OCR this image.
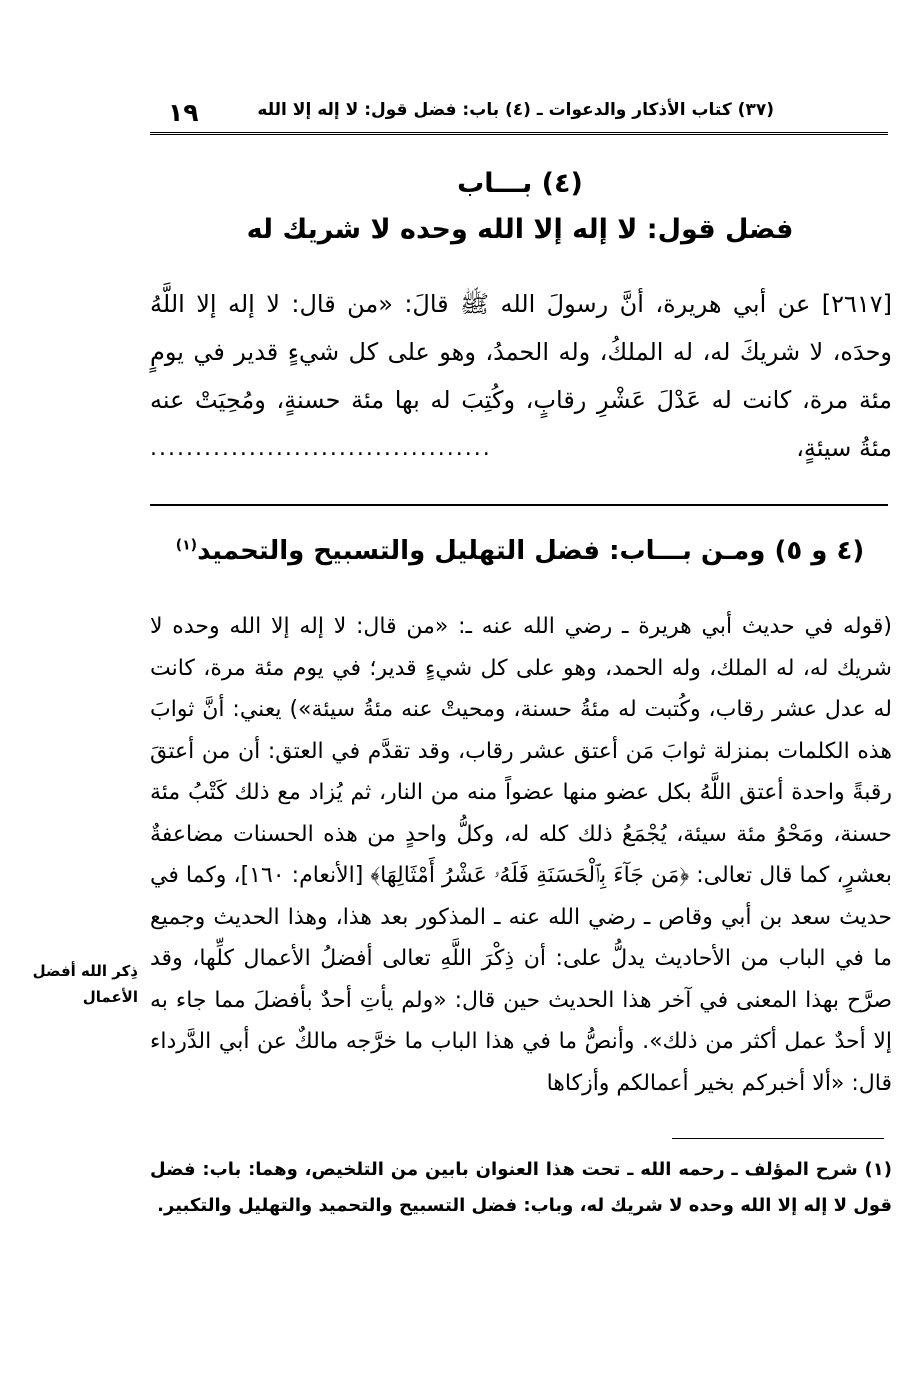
١٩	(٣٧) كتاب الأذكار والدعوات ـ (٤) باب: فضل قول: لا إله إلا الله
(٤) بـــاب
فضل قول: لا إله إلا الله وحده لا شريك له
[٢٦١٧] عن أبي هريرة، أنَّ رسولَ الله ﷺ قالَ: «من قال: لا إله إلا اللَّهُ وحدَه، لا شريكَ له، له الملكُ، وله الحمدُ، وهو على كل شيءٍ قدير في يومٍ مئة مرة، كانت له عَدْلَ عَشْرِ رقابٍ، وكُتِبَ له بها مئة حسنةٍ، ومُحِيَتْ عنه مئةُ سيئةٍ،
......................................
(٤ و ٥) ومـن بـــاب: فضل التهليل والتسبيح والتحميد$^{(١)}$
(قوله في حديث أبي هريرة ـ رضي الله عنه ـ: «من قال: لا إله إلا الله وحده لا شريك له، له الملك، وله الحمد، وهو على كل شيءٍ قدير؛ في يوم مئة مرة، كانت له عدل عشر رقاب، وكُتبت له مئةُ حسنة، ومحيتْ عنه مئةُ سيئة») يعني: أنَّ ثوابَ هذه الكلمات بمنزلة ثوابَ مَن أعتق عشر رقاب، وقد تقدَّم في العتق: أن من أعتقَ رقبةً واحدة أعتق اللَّهُ بكل عضو منها عضواً منه من النار، ثم يُزاد مع ذلك كَتْبُ مئة حسنة، ومَحْوُ مئة سيئة، يُجْمَعُ ذلك كله له، وكلُّ واحدٍ من هذه الحسنات مضاعفةٌ بعشرٍ، كما قال تعالى: ﴿مَن جَآءَ بِٱلْحَسَنَةِ فَلَهُۥ عَشْرُ أَمْثَالِهَا﴾ [الأنعام: ١٦٠]، وكما في حديث سعد بن أبي وقاص ـ رضي الله عنه ـ المذكور بعد هذا، وهذا الحديث وجميع ما في الباب من الأحاديث يدلُّ على: أن ذِكْرَ اللَّهِ تعالى أفضلُ الأعمال كلِّها، وقد صرَّح بهذا المعنى في آخر هذا الحديث حين قال: «ولم يأتِ أحدٌ بأفضلَ مما جاء به إلا أحدٌ عمل أكثر من ذلك». وأنصُّ ما في هذا الباب ما خرَّجه مالكٌ عن أبي الدَّرداء قال: «ألا أخبركم بخير أعمالكم وأزكاها
ذِكر الله أفضل الأعمال
(١) شرح المؤلف ـ رحمه الله ـ تحت هذا العنوان بابين من التلخيص، وهما: باب: فضل قول لا إله إلا الله وحده لا شريك له، وباب: فضل التسبيح والتحميد والتهليل والتكبير.
